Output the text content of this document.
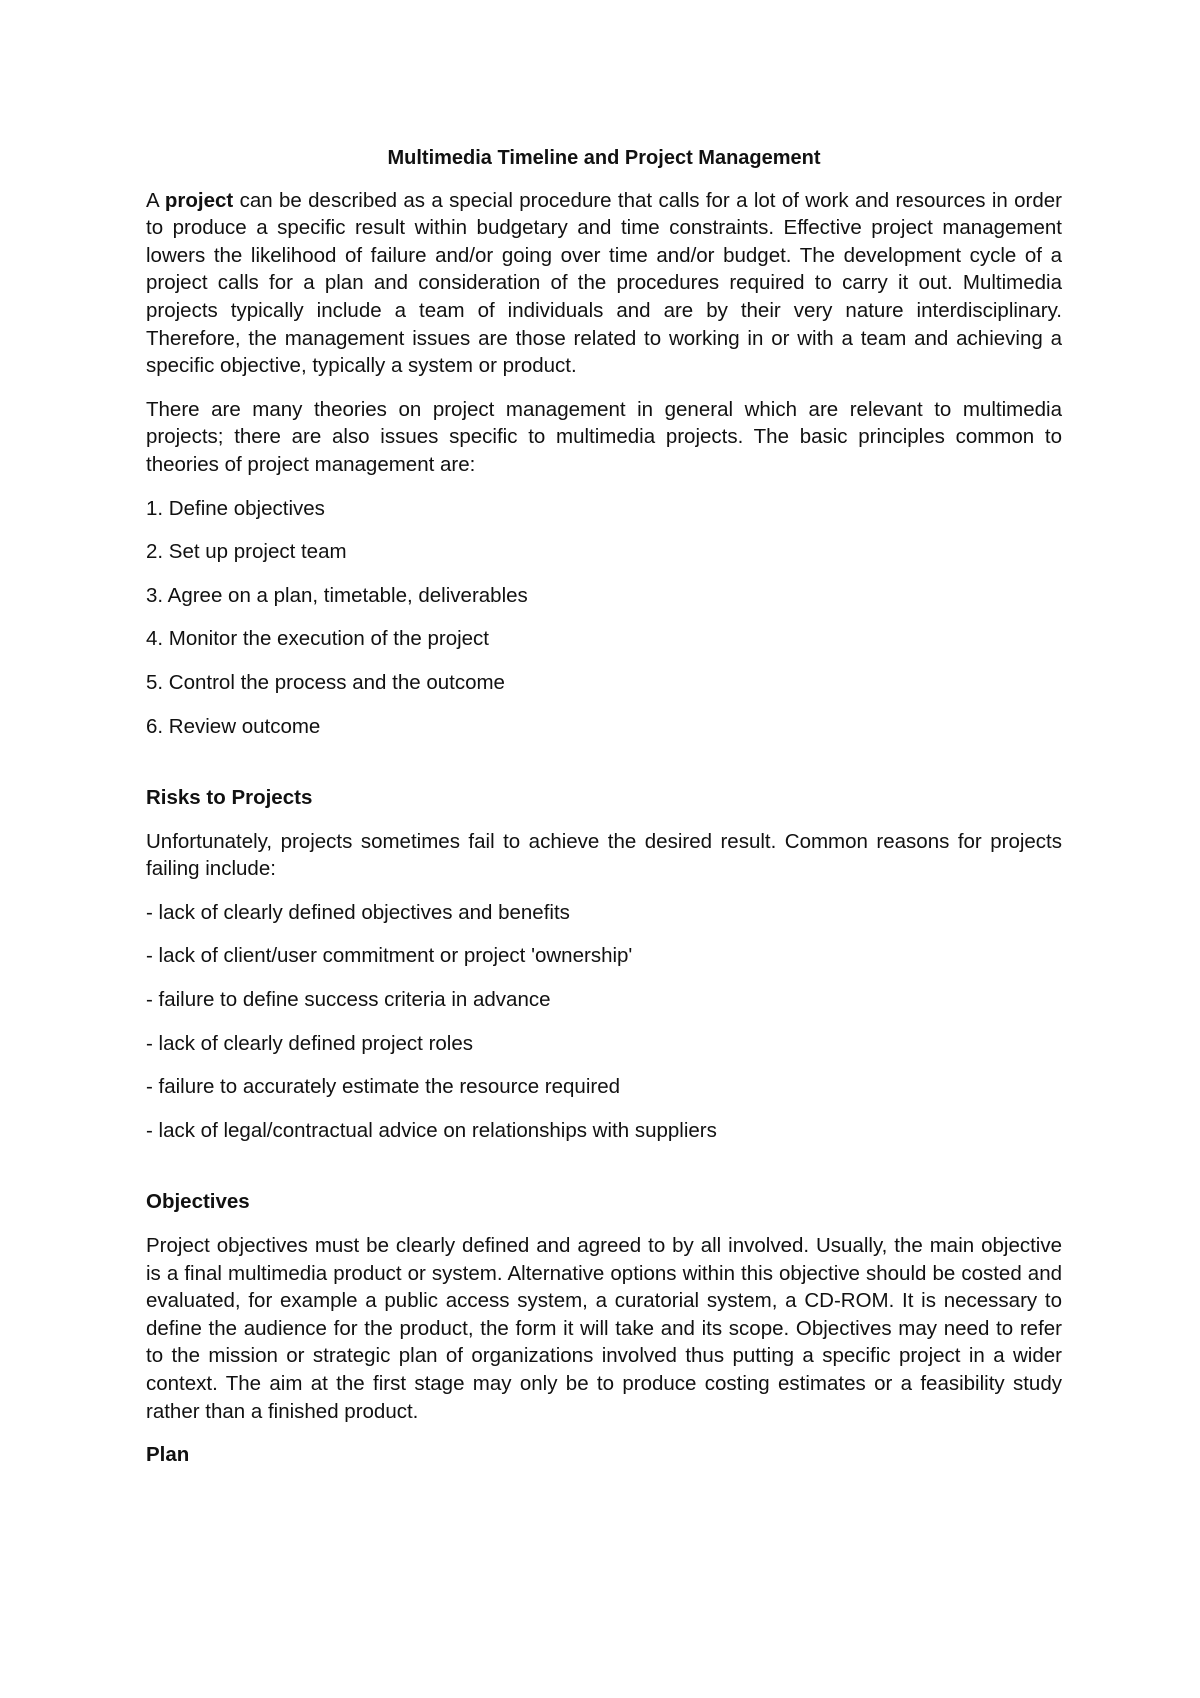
Multimedia Timeline and Project Management

A project can be described as a special procedure that calls for a lot of work and resources in order to produce a specific result within budgetary and time constraints. Effective project management lowers the likelihood of failure and/or going over time and/or budget. The development cycle of a project calls for a plan and consideration of the procedures required to carry it out. Multimedia projects typically include a team of individuals and are by their very nature interdisciplinary. Therefore, the management issues are those related to working in or with a team and achieving a specific objective, typically a system or product.

There are many theories on project management in general which are relevant to multimedia projects; there are also issues specific to multimedia projects. The basic principles common to theories of project management are:

1. Define objectives
2. Set up project team
3. Agree on a plan, timetable, deliverables
4. Monitor the execution of the project
5. Control the process and the outcome
6. Review outcome
Risks to Projects

Unfortunately, projects sometimes fail to achieve the desired result. Common reasons for projects failing include:

- lack of clearly defined objectives and benefits
- lack of client/user commitment or project 'ownership'
- failure to define success criteria in advance
- lack of clearly defined project roles
- failure to accurately estimate the resource required
- lack of legal/contractual advice on relationships with suppliers
Objectives

Project objectives must be clearly defined and agreed to by all involved. Usually, the main objective is a final multimedia product or system. Alternative options within this objective should be costed and evaluated, for example a public access system, a curatorial system, a CD-ROM. It is necessary to define the audience for the product, the form it will take and its scope. Objectives may need to refer to the mission or strategic plan of organizations involved thus putting a specific project in a wider context. The aim at the first stage may only be to produce costing estimates or a feasibility study rather than a finished product.

Plan
